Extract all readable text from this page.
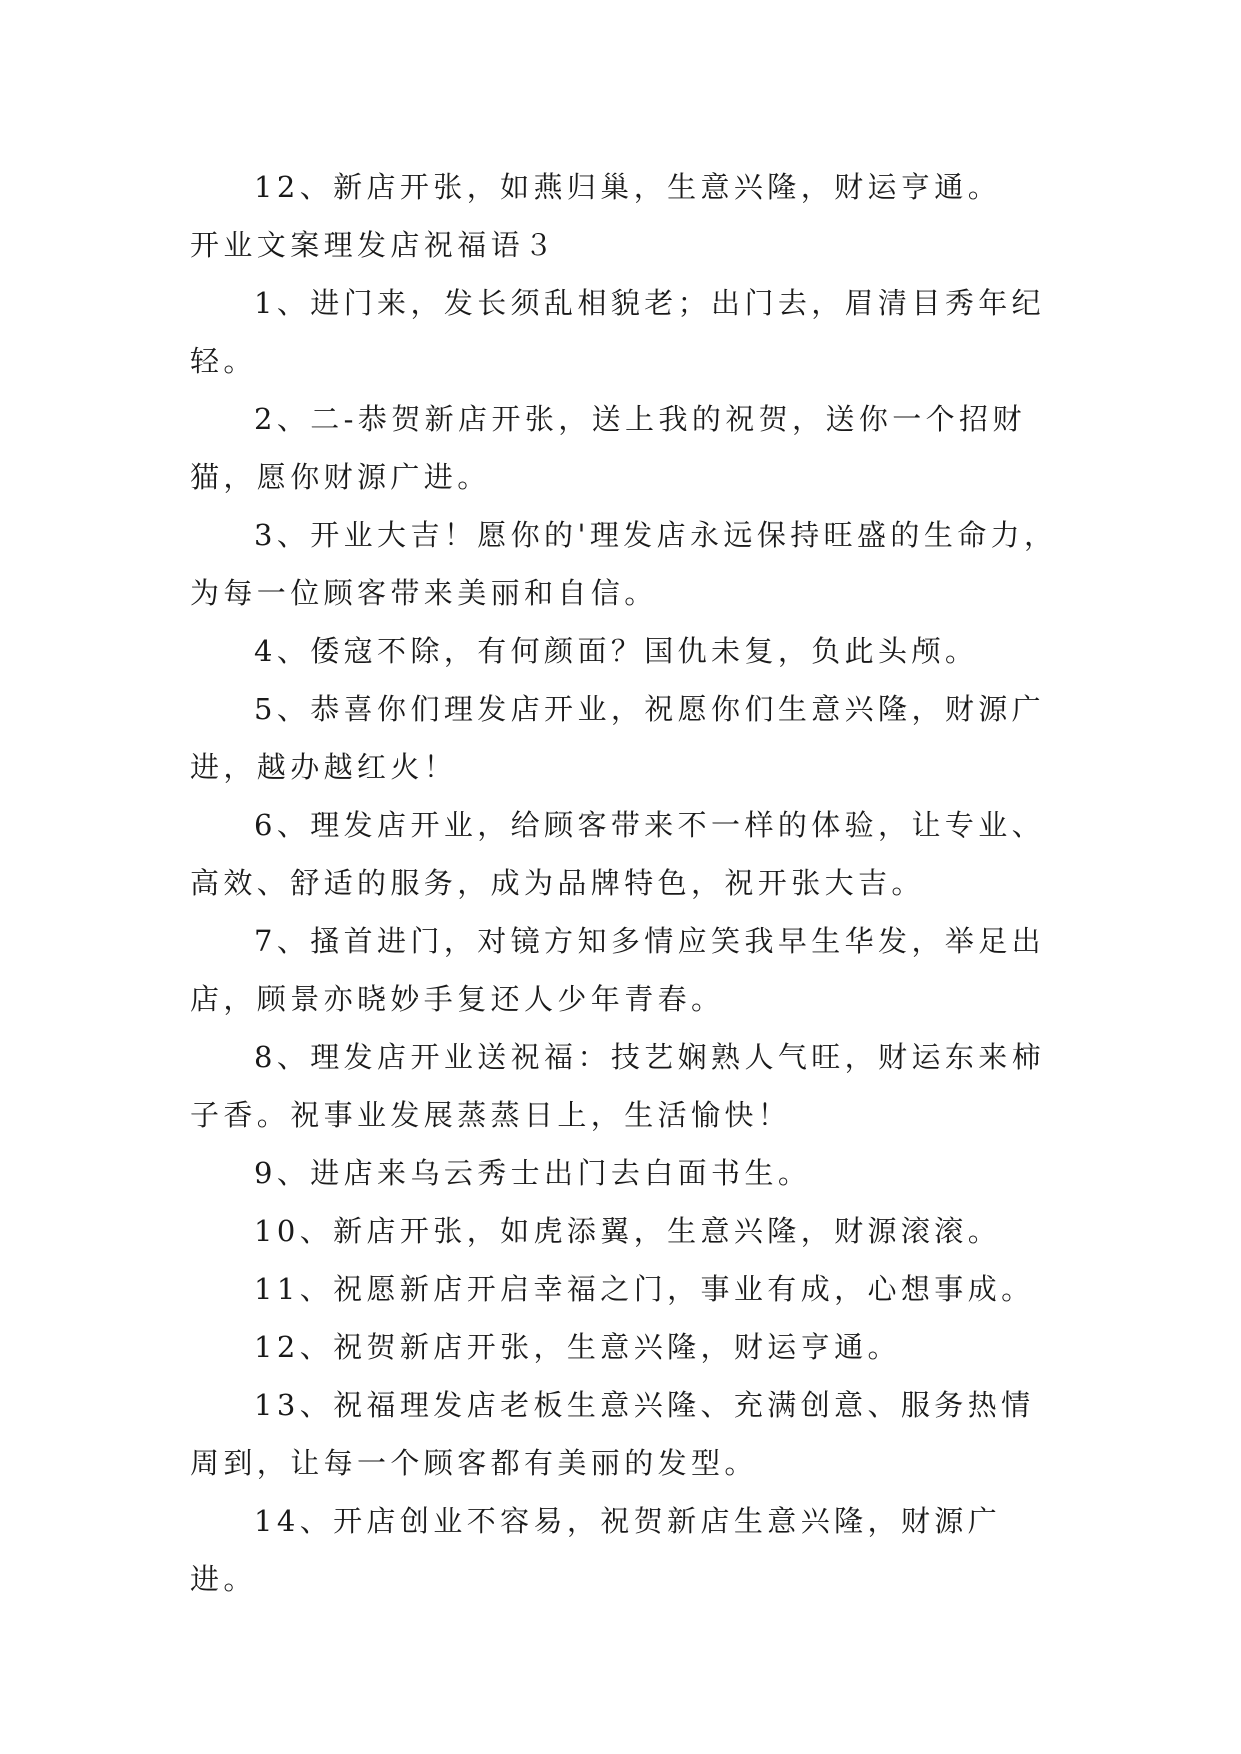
12、新店开张，如燕归巢，生意兴隆，财运亨通。

开业文案理发店祝福语３

1、进门来，发长须乱相貌老；出门去，眉清目秀年纪轻。

2、二-恭贺新店开张，送上我的祝贺，送你一个招财猫，愿你财源广进。

3、开业大吉！愿你的'理发店永远保持旺盛的生命力，为每一位顾客带来美丽和自信。

4、倭寇不除，有何颜面？国仇未复，负此头颅。

5、恭喜你们理发店开业，祝愿你们生意兴隆，财源广进，越办越红火！

6、理发店开业，给顾客带来不一样的体验，让专业、高效、舒适的服务，成为品牌特色，祝开张大吉。

7、搔首进门，对镜方知多情应笑我早生华发，举足出店，顾景亦晓妙手复还人少年青春。

8、理发店开业送祝福：技艺娴熟人气旺，财运东来柿子香。祝事业发展蒸蒸日上，生活愉快！

9、进店来乌云秀士出门去白面书生。

10、新店开张，如虎添翼，生意兴隆，财源滚滚。

11、祝愿新店开启幸福之门，事业有成，心想事成。

12、祝贺新店开张，生意兴隆，财运亨通。

13、祝福理发店老板生意兴隆、充满创意、服务热情周到，让每一个顾客都有美丽的发型。

14、开店创业不容易，祝贺新店生意兴隆，财源广进。
